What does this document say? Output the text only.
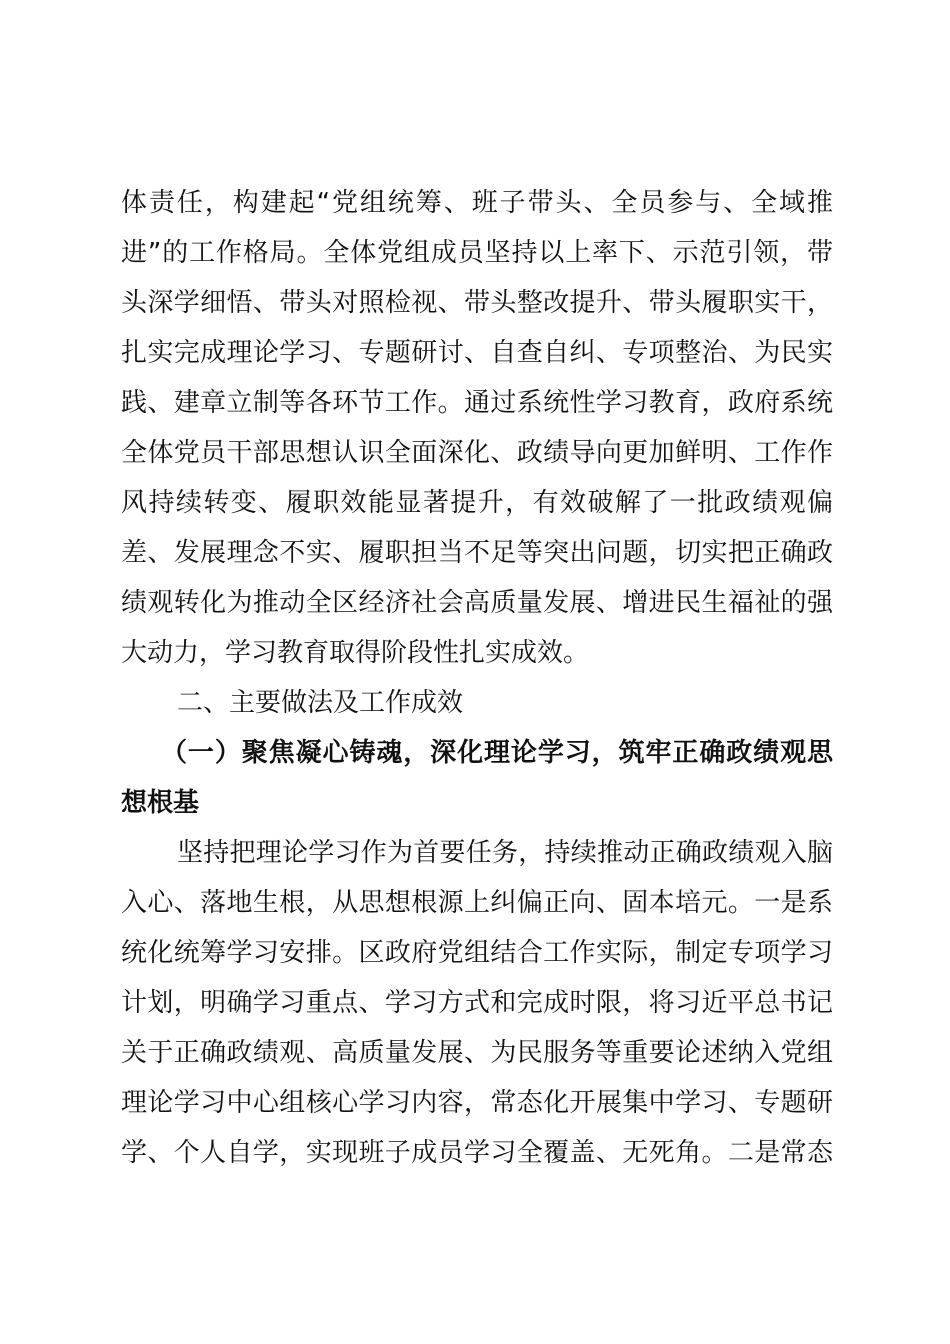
体责任，构建起“党组统筹、班子带头、全员参与、全域推
进”的工作格局。全体党组成员坚持以上率下、示范引领，带
头深学细悟、带头对照检视、带头整改提升、带头履职实干，
扎实完成理论学习、专题研讨、自查自纠、专项整治、为民实
践、建章立制等各环节工作。通过系统性学习教育，政府系统
全体党员干部思想认识全面深化、政绩导向更加鲜明、工作作
风持续转变、履职效能显著提升，有效破解了一批政绩观偏
差、发展理念不实、履职担当不足等突出问题，切实把正确政
绩观转化为推动全区经济社会高质量发展、增进民生福祉的强
大动力，学习教育取得阶段性扎实成效。
二、主要做法及工作成效
（一）聚焦凝心铸魂，深化理论学习，筑牢正确政绩观思
想根基
坚持把理论学习作为首要任务，持续推动正确政绩观入脑
入心、落地生根，从思想根源上纠偏正向、固本培元。一是系
统化统筹学习安排。区政府党组结合工作实际，制定专项学习
计划，明确学习重点、学习方式和完成时限，将习近平总书记
关于正确政绩观、高质量发展、为民服务等重要论述纳入党组
理论学习中心组核心学习内容，常态化开展集中学习、专题研
学、个人自学，实现班子成员学习全覆盖、无死角。二是常态
